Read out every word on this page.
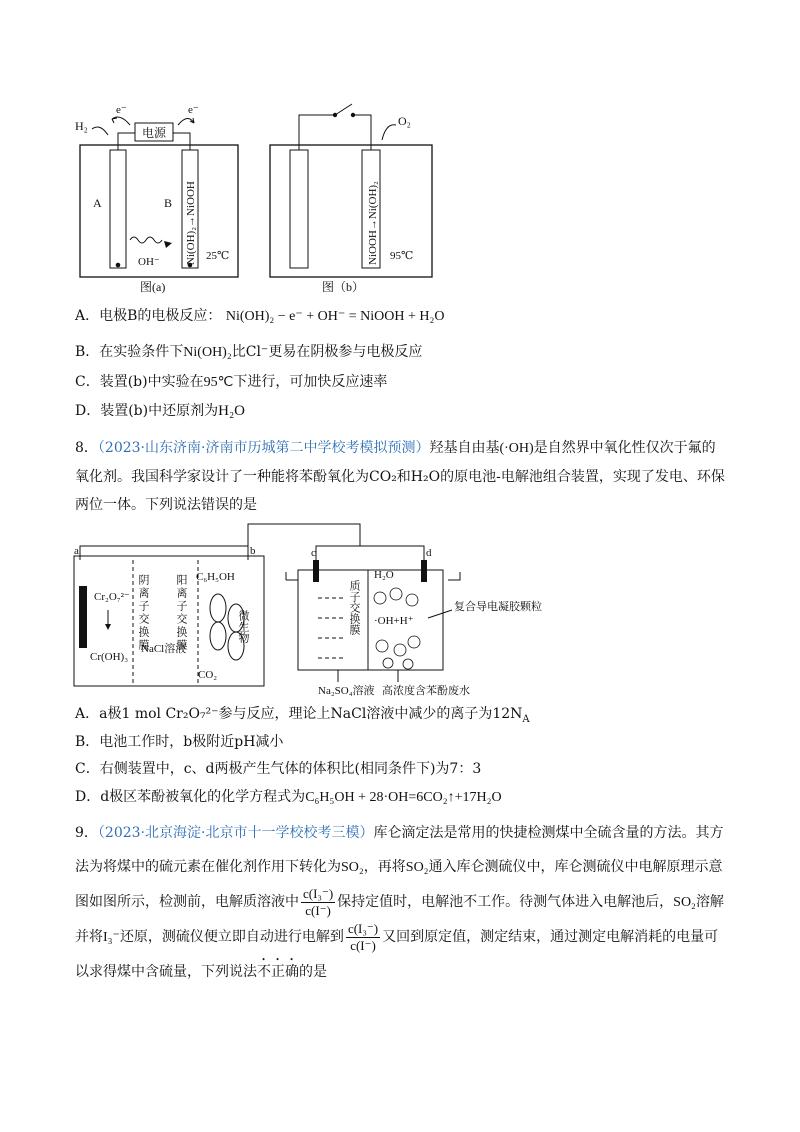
电源
e⁻	e⁻
H₂
A	B Ni(OH)₂→NiOOH
OH⁻	25℃
图(a)
O₂
NiOOH→Ni(OH)₂ 95℃
图（b）
A．电极B的电极反应： Ni(OH)₂ − e⁻ + OH⁻ = NiOOH + H₂O
B．在实验条件下Ni(OH)₂比Cl⁻更易在阴极参与电极反应
C．装置(b)中实验在95℃下进行，可加快反应速率
D．装置(b)中还原剂为H₂O
8．（2023·山东济南·济南市历城第二中学校考模拟预测）羟基自由基(·OH)是自然界中氧化性仅次于氟的氧化剂。我国科学家设计了一种能将苯酚氧化为CO₂和H₂O的原电池-电解池组合装置，实现了发电、环保两位一体。下列说法错误的是
a	b
Cr₂O₇²⁻
Cr(OH)₃
阴离子交换膜 阳离子交换膜
NaCl溶液
C₆H₅OH
微生物
CO₂
c	d
质子交换膜
H₂O
·OH+H⁺
复合导电凝胶颗粒
Na₂SO₄溶液 高浓度含苯酚废水
A．a极1 mol Cr₂O₇²⁻参与反应，理论上NaCl溶液中减少的离子为$12N_A$
B．电池工作时，b极附近pH减小
C．右侧装置中，c、d两极产生气体的体积比(相同条件下)为7：3
D．d极区苯酚被氧化的化学方程式为C₆H₅OH + 28·OH=6CO₂↑+17H₂O
9．（2023·北京海淀·北京市十一学校校考三模）库仑滴定法是常用的快捷检测煤中全硫含量的方法。其方法为将煤中的硫元素在催化剂作用下转化为SO₂，再将SO₂通入库仑测硫仪中，库仑测硫仪中电解原理示意图如图所示，检测前，电解质溶液中 $\frac{\text{c(I₃⁻)}}{c(I^-)}$ 保持定值时，电解池不工作。待测气体进入电解池后，SO₂溶解并将I₃⁻还原，测硫仪便立即自动进行电解到 $\frac{\text{c(I₃⁻)}}{c(I^-)}$ 又回到原定值，测定结束，通过测定电解消耗的电量可以求得煤中含硫量，下列说法不正确的是
